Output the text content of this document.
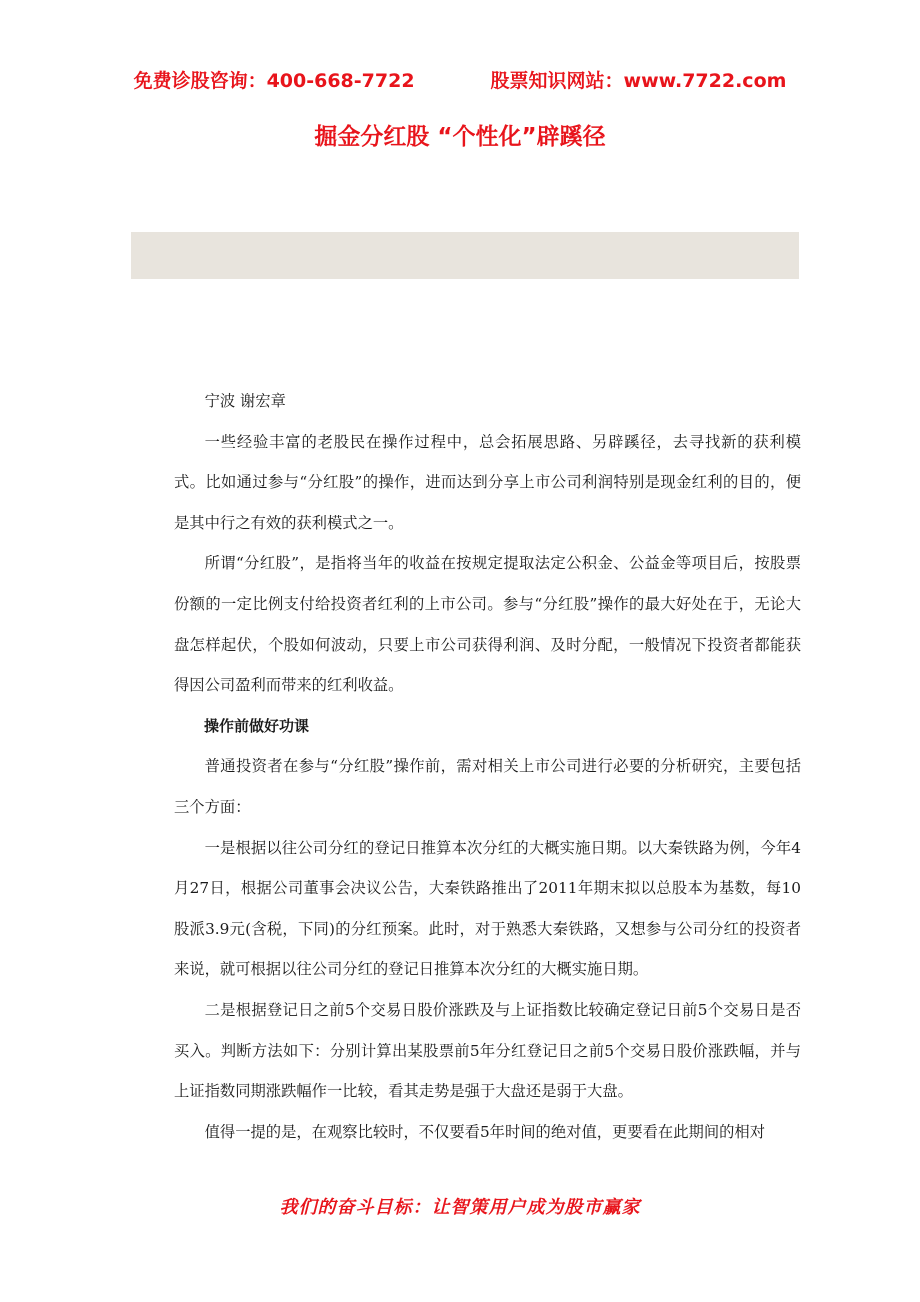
免费诊股咨询：400-668-7722	股票知识网站：www.7722.com
掘金分红股 “个性化”辟蹊径

宁波 谢宏章

一些经验丰富的老股民在操作过程中，总会拓展思路、另辟蹊径，去寻找新的获利模式。比如通过参与“分红股”的操作，进而达到分享上市公司利润特别是现金红利的目的，便是其中行之有效的获利模式之一。

所谓“分红股”，是指将当年的收益在按规定提取法定公积金、公益金等项目后，按股票份额的一定比例支付给投资者红利的上市公司。参与“分红股”操作的最大好处在于，无论大盘怎样起伏，个股如何波动，只要上市公司获得利润、及时分配，一般情况下投资者都能获得因公司盈利而带来的红利收益。

操作前做好功课

普通投资者在参与“分红股”操作前，需对相关上市公司进行必要的分析研究，主要包括三个方面：

一是根据以往公司分红的登记日推算本次分红的大概实施日期。以大秦铁路为例，今年4月27日，根据公司董事会决议公告，大秦铁路推出了2011年期末拟以总股本为基数，每10股派3.9元(含税，下同)的分红预案。此时，对于熟悉大秦铁路，又想参与公司分红的投资者来说，就可根据以往公司分红的登记日推算本次分红的大概实施日期。

二是根据登记日之前5个交易日股价涨跌及与上证指数比较确定登记日前5个交易日是否买入。判断方法如下：分别计算出某股票前5年分红登记日之前5个交易日股价涨跌幅，并与上证指数同期涨跌幅作一比较，看其走势是强于大盘还是弱于大盘。

值得一提的是，在观察比较时，不仅要看5年时间的绝对值，更要看在此期间的相对

我们的奋斗目标：让智策用户成为股市赢家
